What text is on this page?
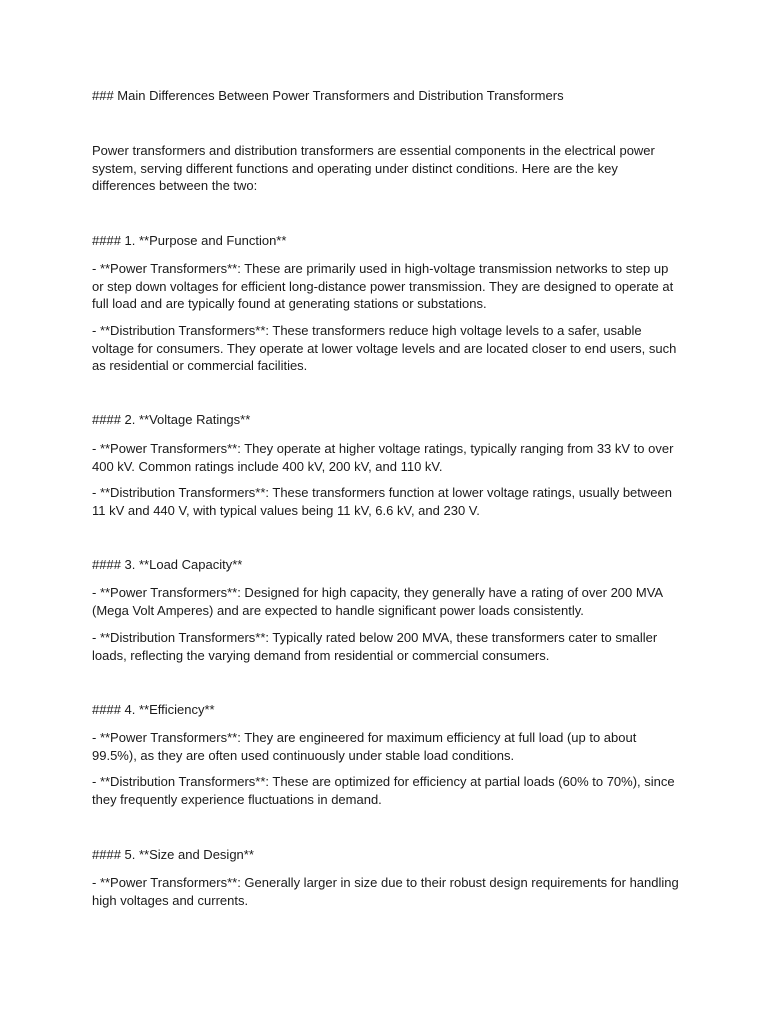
### Main Differences Between Power Transformers and Distribution Transformers
Power transformers and distribution transformers are essential components in the electrical power system, serving different functions and operating under distinct conditions. Here are the key differences between the two:
#### 1. **Purpose and Function**
- **Power Transformers**: These are primarily used in high-voltage transmission networks to step up or step down voltages for efficient long-distance power transmission. They are designed to operate at full load and are typically found at generating stations or substations.
- **Distribution Transformers**: These transformers reduce high voltage levels to a safer, usable voltage for consumers. They operate at lower voltage levels and are located closer to end users, such as residential or commercial facilities.
#### 2. **Voltage Ratings**
- **Power Transformers**: They operate at higher voltage ratings, typically ranging from 33 kV to over 400 kV. Common ratings include 400 kV, 200 kV, and 110 kV.
- **Distribution Transformers**: These transformers function at lower voltage ratings, usually between 11 kV and 440 V, with typical values being 11 kV, 6.6 kV, and 230 V.
#### 3. **Load Capacity**
- **Power Transformers**: Designed for high capacity, they generally have a rating of over 200 MVA (Mega Volt Amperes) and are expected to handle significant power loads consistently.
- **Distribution Transformers**: Typically rated below 200 MVA, these transformers cater to smaller loads, reflecting the varying demand from residential or commercial consumers.
#### 4. **Efficiency**
- **Power Transformers**: They are engineered for maximum efficiency at full load (up to about 99.5%), as they are often used continuously under stable load conditions.
- **Distribution Transformers**: These are optimized for efficiency at partial loads (60% to 70%), since they frequently experience fluctuations in demand.
#### 5. **Size and Design**
- **Power Transformers**: Generally larger in size due to their robust design requirements for handling high voltages and currents.
